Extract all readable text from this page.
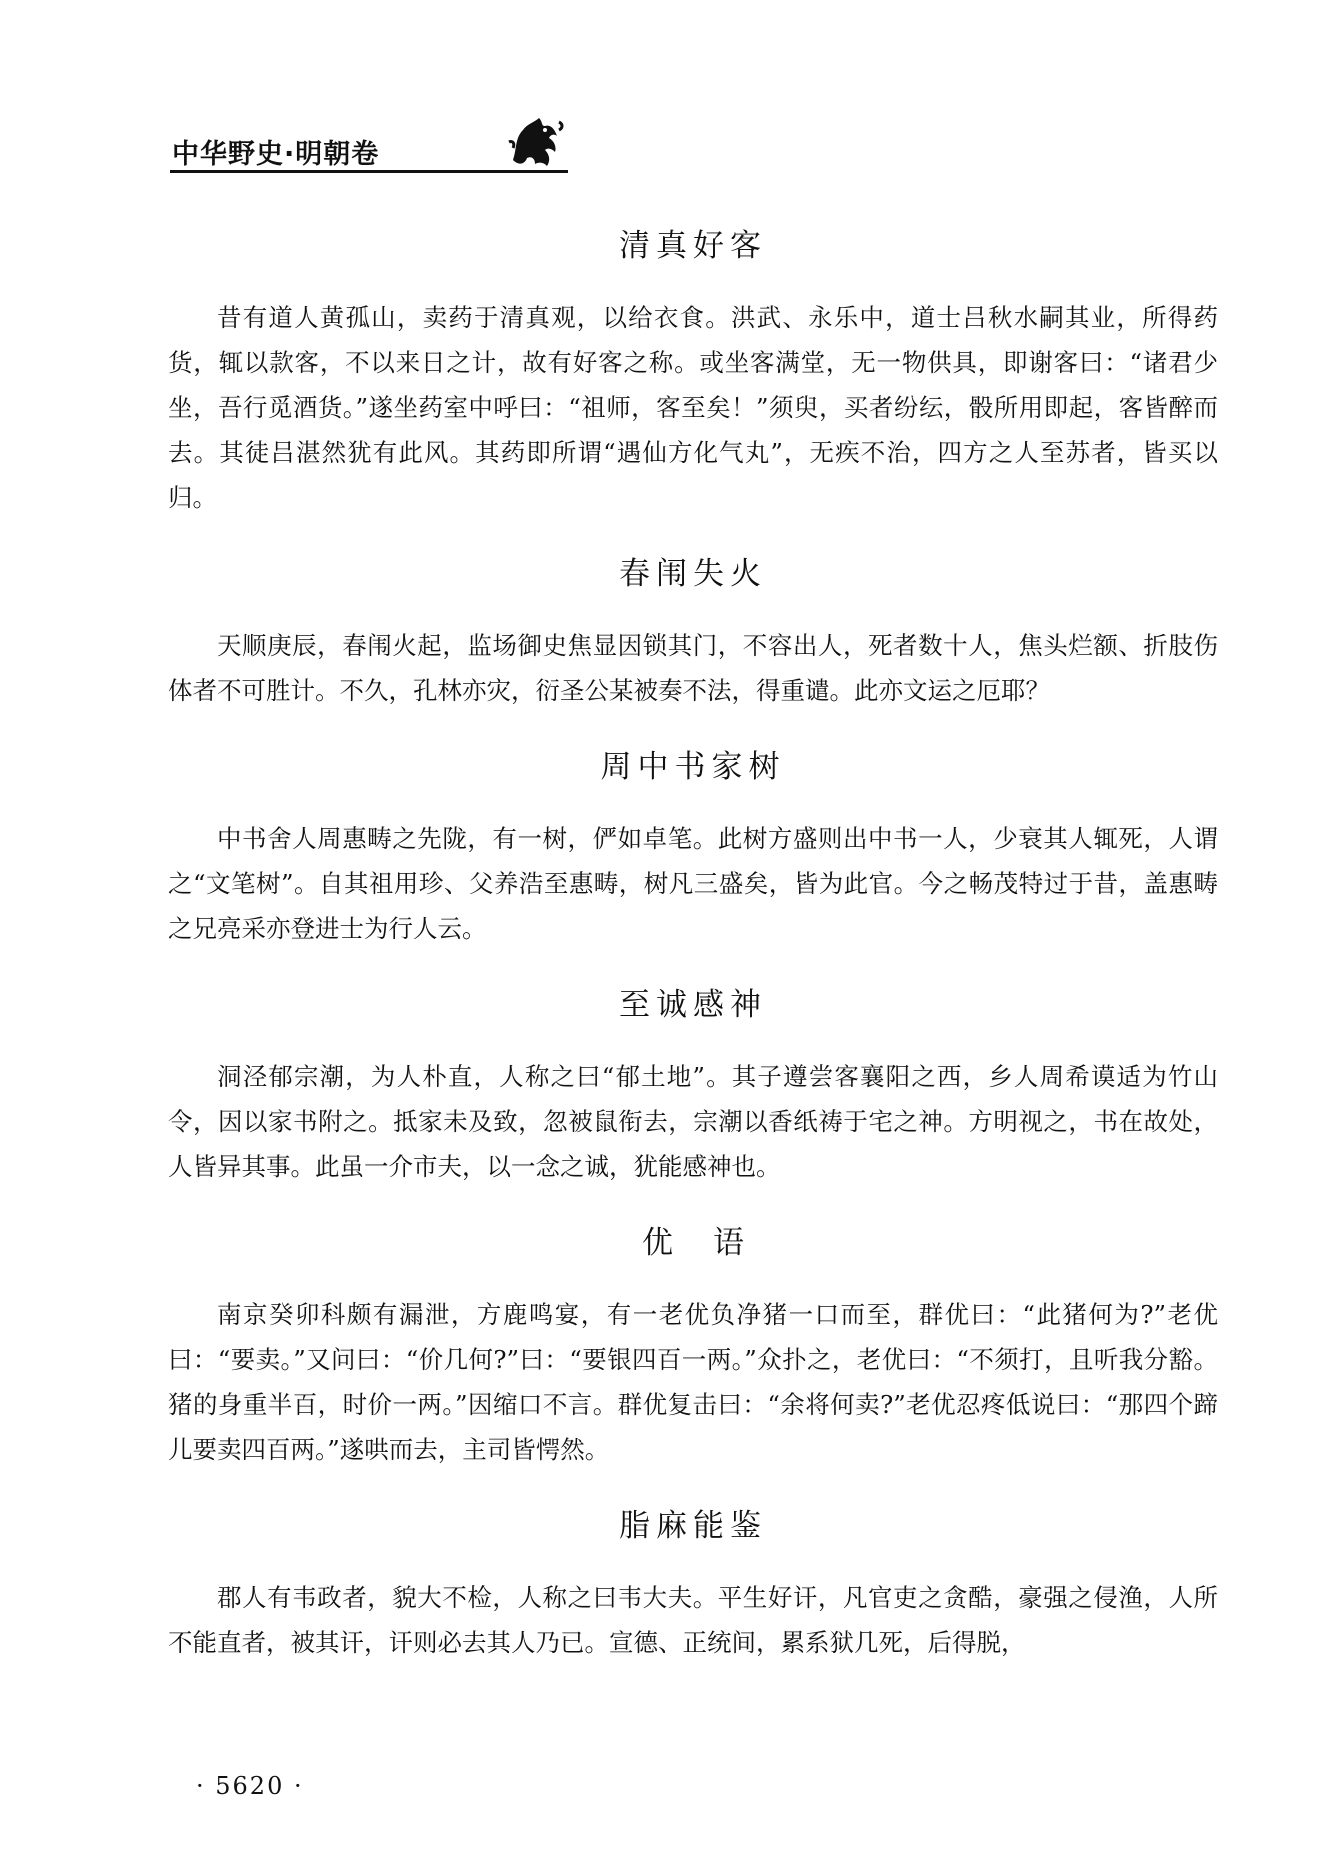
中华野史·明朝卷
清真好客

昔有道人黄孤山，卖药于清真观，以给衣食。洪武、永乐中，道士吕秋水嗣其业，所得药货，辄以款客，不以来日之计，故有好客之称。或坐客满堂，无一物供具，即谢客曰：“诸君少坐，吾行觅酒货。”遂坐药室中呼曰：“祖师，客至矣！”须臾，买者纷纭，骰所用即起，客皆醉而去。其徒吕湛然犹有此风。其药即所谓“遇仙方化气丸”，无疾不治，四方之人至苏者，皆买以归。

春闱失火

天顺庚辰，春闱火起，监场御史焦显因锁其门，不容出人，死者数十人，焦头烂额、折肢伤体者不可胜计。不久，孔林亦灾，衍圣公某被奏不法，得重谴。此亦文运之厄耶？

周中书家树

中书舍人周惠畴之先陇，有一树，俨如卓笔。此树方盛则出中书一人，少衰其人辄死，人谓之“文笔树”。自其祖用珍、父养浩至惠畴，树凡三盛矣，皆为此官。今之畅茂特过于昔，盖惠畴之兄亮采亦登进士为行人云。

至诚感神

洞泾郁宗潮，为人朴直，人称之曰“郁土地”。其子遵尝客襄阳之西，乡人周希谟适为竹山令，因以家书附之。抵家未及致，忽被鼠衔去，宗潮以香纸祷于宅之神。方明视之，书在故处，人皆异其事。此虽一介市夫，以一念之诚，犹能感神也。

优语

南京癸卯科颇有漏泄，方鹿鸣宴，有一老优负净猪一口而至，群优曰：“此猪何为?”老优曰：“要卖。”又问曰：“价几何?”曰：“要银四百一两。”众扑之，老优曰：“不须打，且听我分豁。猪的身重半百，时价一两。”因缩口不言。群优复击曰：“余将何卖?”老优忍疼低说曰：“那四个蹄儿要卖四百两。”遂哄而去，主司皆愕然。

脂麻能鉴

郡人有韦政者，貌大不检，人称之曰韦大夫。平生好讦，凡官吏之贪酷，豪强之侵渔，人所不能直者，被其讦，讦则必去其人乃已。宣德、正统间，累系狱几死，后得脱，

· 5620 ·
